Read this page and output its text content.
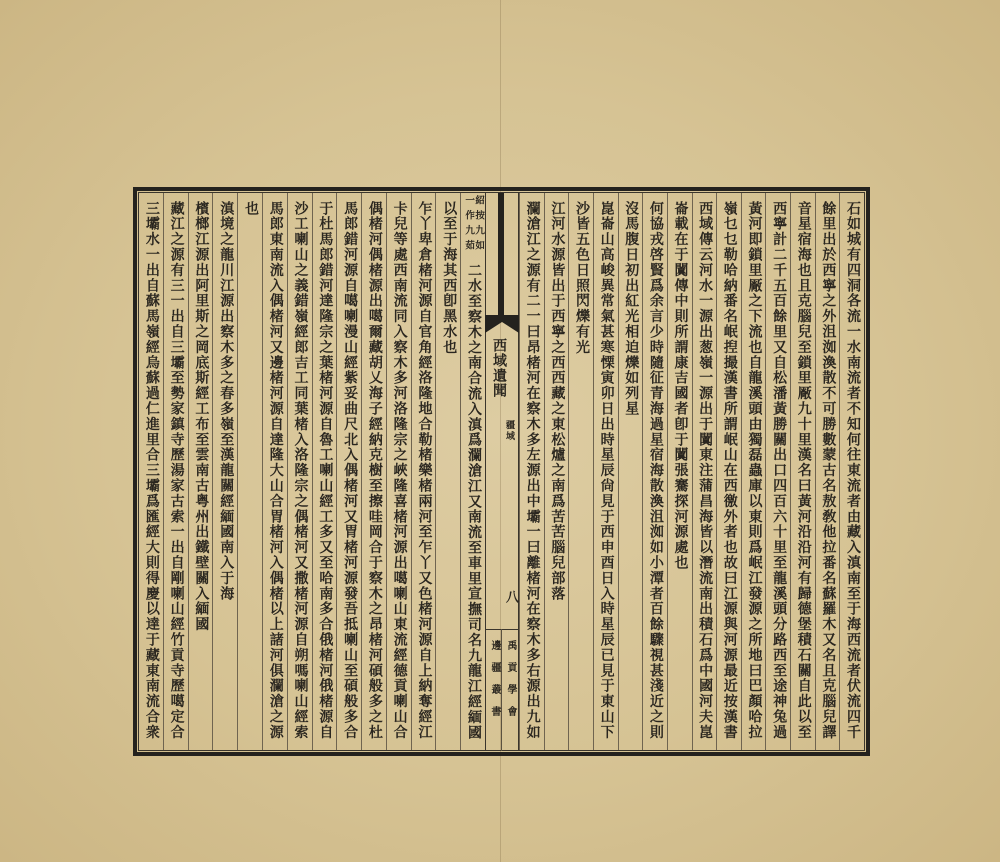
石如城有四洞各流一水南流者不知何往東流者由藏入滇南至于海西流者伏流四千
餘里出於西寧之外沮洳渙散不可勝數蒙古名敖敎他拉番名蘇羅木又名且克腦兒譯
音星宿海也且克腦兒至鎖里厰九十里漢名曰黃河沿沿河有歸德堡積石關自此以至
西寧計二千五百餘里又自松潘黃勝關出口四百六十里至龍溪頭分路西至途神兔過
黃河即鎖里厰之下流也自龍溪頭由獨磊蟲庫以東則爲岷江發源之所地曰巴顏哈拉
嶺乜乜勒哈納番名岷揑撮漢書所謂岷山在西徼外者也故曰江源與河源最近按漢書
西域傳云河水一源出葱嶺一源出于闐東注蒲昌海皆以潛流南出積石爲中國河夫崑
崙載在于闐傳中則所謂康吉國者卽于闐張騫探河源處也
何協戎啓賢爲余言少時隨征青海過星宿海散渙沮洳如小潭者百餘驟視甚淺近之則
沒馬腹日初出紅光相迫爍如列星
崑崙山高峻異常氣甚寒慄寅卯日出時星辰尙見于西申酉日入時星辰已見于東山下
沙皆五色日照閃爍有光
江河水源皆出于西寧之西西藏之東松爐之南爲苦苦腦兒部落
瀾滄江之源有二一曰昂楮河在察木多左源出中壩一曰離楮河在察木多右源出九如
西域遺聞
疆域
八
禹貢學會
邊疆叢書
紹按九如
一作九茹
二水至察木之南合流入滇爲瀾滄江又南流至車里宣撫司名九龍江經緬國
以至于海其西卽黑水也
乍丫卑倉楮河源自官角經洛隆地合勒楮樂楮兩河至乍丫又色楮河源自上納奪經江
卡兒等處西南流同入察木多河洛隆宗之峽隆喜楮河源出噶喇山東流經德貢喇山合
偶楮河偶楮源出噶爾藏胡乂海子經納克樹至擦哇岡合于察木之昂楮河碩般多之杜
馬郎錯河源自噶喇漫山經紫妥曲尺北入偶楮河又胃楮河源發吾抵喇山至碩般多合
于杜馬郎錯河達隆宗之葉楮河源自魯工喇山經工多又至哈南多合俄楮河俄楮源自
沙工喇山之義錯嶺經郎吉工同葉楮入洛隆宗之偶楮河又撒楮河源自朔嗎喇山經索
馬郎東南流入偶楮河又邊楮河源自達隆大山合胃楮河入偶楮以上諸河俱瀾滄之源
也
滇境之龍川江源出察木多之春多嶺至漢龍關經緬國南入于海
檳榔江源出阿里斯之岡底斯經工布至雲南古粤州出鐵壁關入緬國
藏江之源有三一出自三壩至勢家鎮寺歷湯家古索一出自剛喇山經竹貢寺歷噶定合
三壩水一出自蘇馬嶺經烏蘇過仁進里合三壩爲匯經大則得慶以達于藏東南流合衆
